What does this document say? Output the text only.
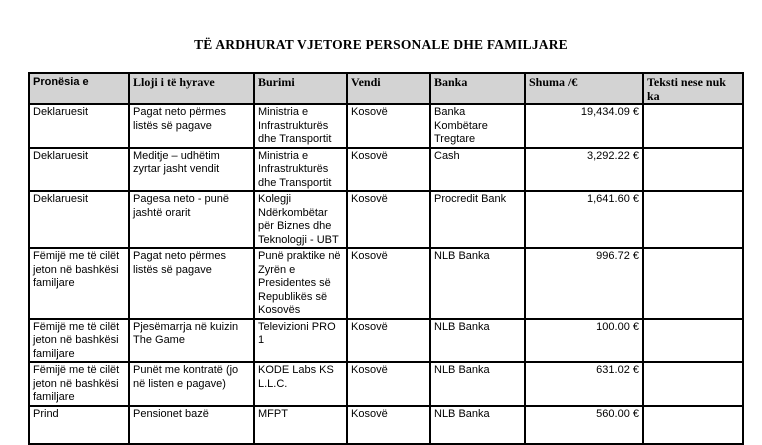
TË ARDHURAT VJETORE PERSONALE DHE FAMILJARE
Pronësia e	Lloji i të hyrave	Burimi	Vendi	Banka	Shuma /€	Teksti nese nuk ka
Deklaruesit	Pagat neto përmes listës së pagave	Ministria e Infrastrukturës dhe Transportit	Kosovë	Banka Kombëtare Tregtare	19,434.09 €	
Deklaruesit	Meditje – udhëtim zyrtar jasht vendit	Ministria e Infrastrukturës dhe Transportit	Kosovë	Cash	3,292.22 €	
Deklaruesit	Pagesa neto - punë jashtë orarit	Kolegji Ndërkombëtar për Biznes dhe Teknologji - UBT	Kosovë	Procredit Bank	1,641.60 €	
Fëmijë me të cilët jeton në bashkësi familjare	Pagat neto përmes listës së pagave	Punë praktike në Zyrën e Presidentes së Republikës së Kosovës	Kosovë	NLB Banka	996.72 €	
Fëmijë me të cilët jeton në bashkësi familjare	Pjesëmarrja në kuizin The Game	Televizioni PRO 1	Kosovë	NLB Banka	100.00 €	
Fëmijë me të cilët jeton në bashkësi familjare	Punët me kontratë (jo në listen e pagave)	KODE Labs KS L.L.C.	Kosovë	NLB Banka	631.02 €	
Prind	Pensionet bazë	MFPT	Kosovë	NLB Banka	560.00 €	
